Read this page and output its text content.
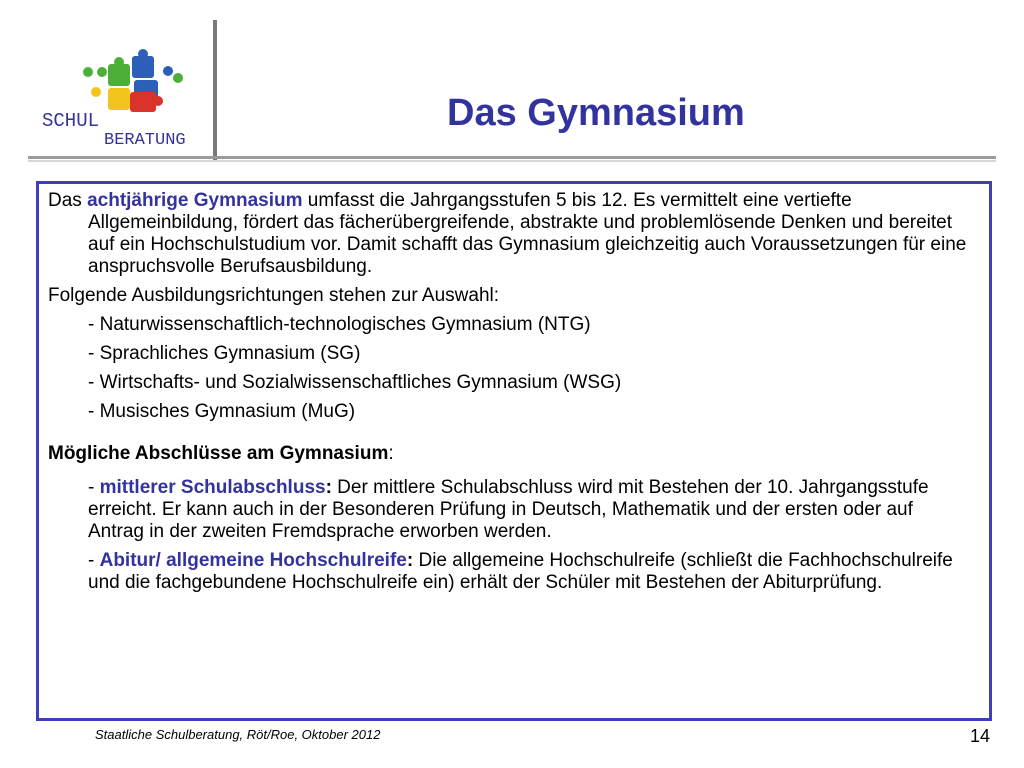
SCHUL
BERATUNG
Das Gymnasium

Das achtjährige Gymnasium umfasst die Jahrgangsstufen 5 bis 12. Es vermittelt eine vertiefte Allgemeinbildung, fördert das fächerübergreifende, abstrakte und problemlösende Denken und bereitet auf ein Hochschulstudium vor. Damit schafft das Gymnasium gleichzeitig auch Voraussetzungen für eine anspruchsvolle Berufsausbildung.

Folgende Ausbildungsrichtungen stehen zur Auswahl:

- Naturwissenschaftlich-technologisches Gymnasium (NTG)

- Sprachliches Gymnasium (SG)

- Wirtschafts- und Sozialwissenschaftliches Gymnasium (WSG)

- Musisches Gymnasium (MuG)

Mögliche Abschlüsse am Gymnasium:

- mittlerer Schulabschluss: Der mittlere Schulabschluss wird mit Bestehen der 10. Jahrgangsstufe erreicht. Er kann auch in der Besonderen Prüfung in Deutsch, Mathematik und der ersten oder auf Antrag in der zweiten Fremdsprache erworben werden.

- Abitur/ allgemeine Hochschulreife: Die allgemeine Hochschulreife (schließt die Fachhochschulreife und die fachgebundene Hochschulreife ein) erhält der Schüler mit Bestehen der Abiturprüfung.

Staatliche Schulberatung, Röt/Roe, Oktober 2012	14
